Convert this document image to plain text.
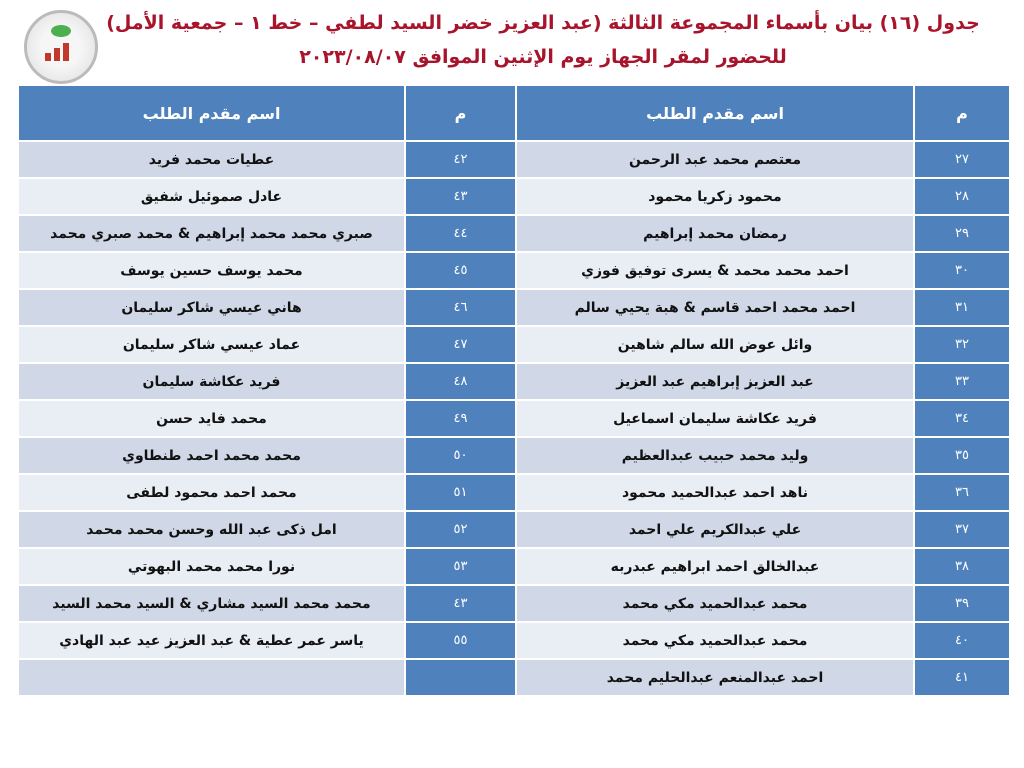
جدول (١٦) بيان بأسماء المجموعة الثالثة (عبد العزيز خضر السيد لطفي – خط ١ – جمعية الأمل)
للحضور لمقر الجهاز يوم الإثنين الموافق ٢٠٢٣/٠٨/٠٧
م	اسم مقدم الطلب	م	اسم مقدم الطلب
٢٧	معتصم محمد عبد الرحمن	٤٢	عطيات محمد فريد
٢٨	محمود زكريا محمود	٤٣	عادل صموئيل شفيق
٢٩	رمضان محمد إبراهيم	٤٤	صبري محمد محمد إبراهيم & محمد صبري محمد
٣٠	احمد محمد محمد & يسرى توفيق فوزي	٤٥	محمد يوسف حسين يوسف
٣١	احمد محمد احمد قاسم & هبة يحيي سالم	٤٦	هاني عيسي شاكر سليمان
٣٢	وائل عوض الله سالم شاهين	٤٧	عماد عيسي شاكر سليمان
٣٣	عبد العزيز إبراهيم عبد العزيز	٤٨	فريد عكاشة سليمان
٣٤	فريد عكاشة سليمان اسماعيل	٤٩	محمد فايد حسن
٣٥	وليد محمد حبيب عبدالعظيم	٥٠	محمد محمد احمد طنطاوي
٣٦	ناهد احمد عبدالحميد محمود	٥١	محمد احمد محمود لطفى
٣٧	علي عبدالكريم علي احمد	٥٢	امل ذكى عبد الله وحسن محمد محمد
٣٨	عبدالخالق احمد ابراهيم عبدربه	٥٣	نورا محمد محمد البهوتي
٣٩	محمد عبدالحميد مكي محمد	٤٣	محمد محمد السيد مشاري & السيد محمد السيد
٤٠	محمد عبدالحميد مكي محمد	٥٥	ياسر عمر عطية & عبد العزيز عيد عبد الهادي
٤١	احمد عبدالمنعم عبدالحليم محمد		
